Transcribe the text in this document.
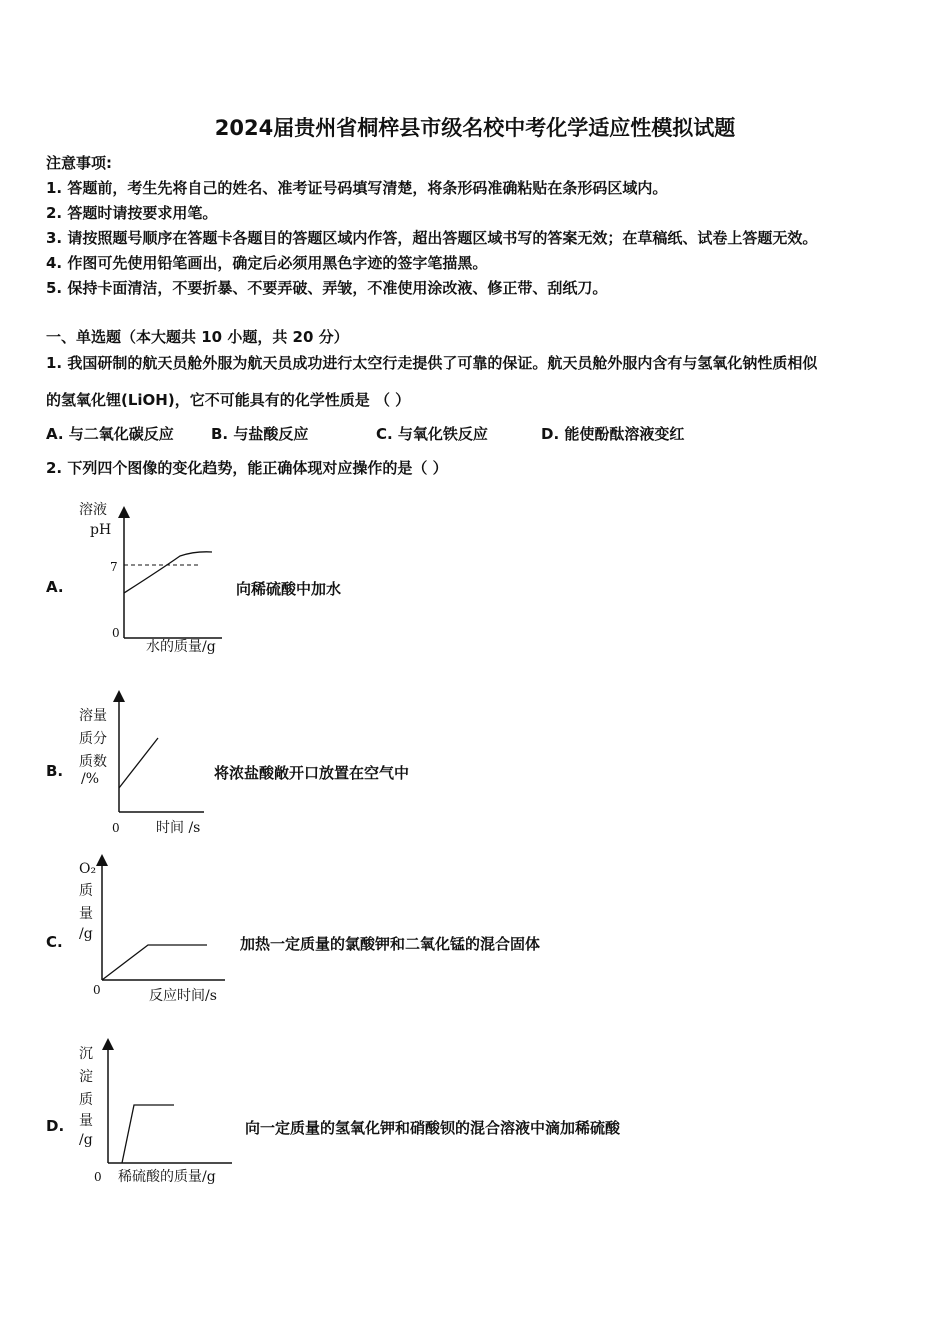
2024届贵州省桐梓县市级名校中考化学适应性模拟试题
注意事项:
1. 答题前，考生先将自己的姓名、准考证号码填写清楚，将条形码准确粘贴在条形码区域内。
2. 答题时请按要求用笔。
3. 请按照题号顺序在答题卡各题目的答题区域内作答，超出答题区域书写的答案无效；在草稿纸、试卷上答题无效。
4. 作图可先使用铅笔画出，确定后必须用黑色字迹的签字笔描黑。
5. 保持卡面清洁，不要折暴、不要弄破、弄皱，不准使用涂改液、修正带、刮纸刀。
一、单选题（本大题共 10 小题，共 20 分）
1. 我国研制的航天员舱外服为航天员成功进行太空行走提供了可靠的保证。航天员舱外服内含有与氢氧化钠性质相似
的氢氧化锂(LiOH)，它不可能具有的化学性质是 （ ）
A. 与二氧化碳反应 B. 与盐酸反应	C. 与氧化铁反应	D. 能使酚酞溶液变红
2. 下列四个图像的变化趋势，能正确体现对应操作的是（ ）
A.
溶液
pH
7
0
水的质量/g
向稀硫酸中加水
B.
溶量
质分
质数
/%
0	时间 /s
将浓盐酸敞开口放置在空气中
C.
O₂
质
量
/g
0	反应时间/s
加热一定质量的氯酸钾和二氧化锰的混合固体
D.
沉
淀
质
量
/g
0 稀硫酸的质量/g
向一定质量的氢氧化钾和硝酸钡的混合溶液中滴加稀硫酸
